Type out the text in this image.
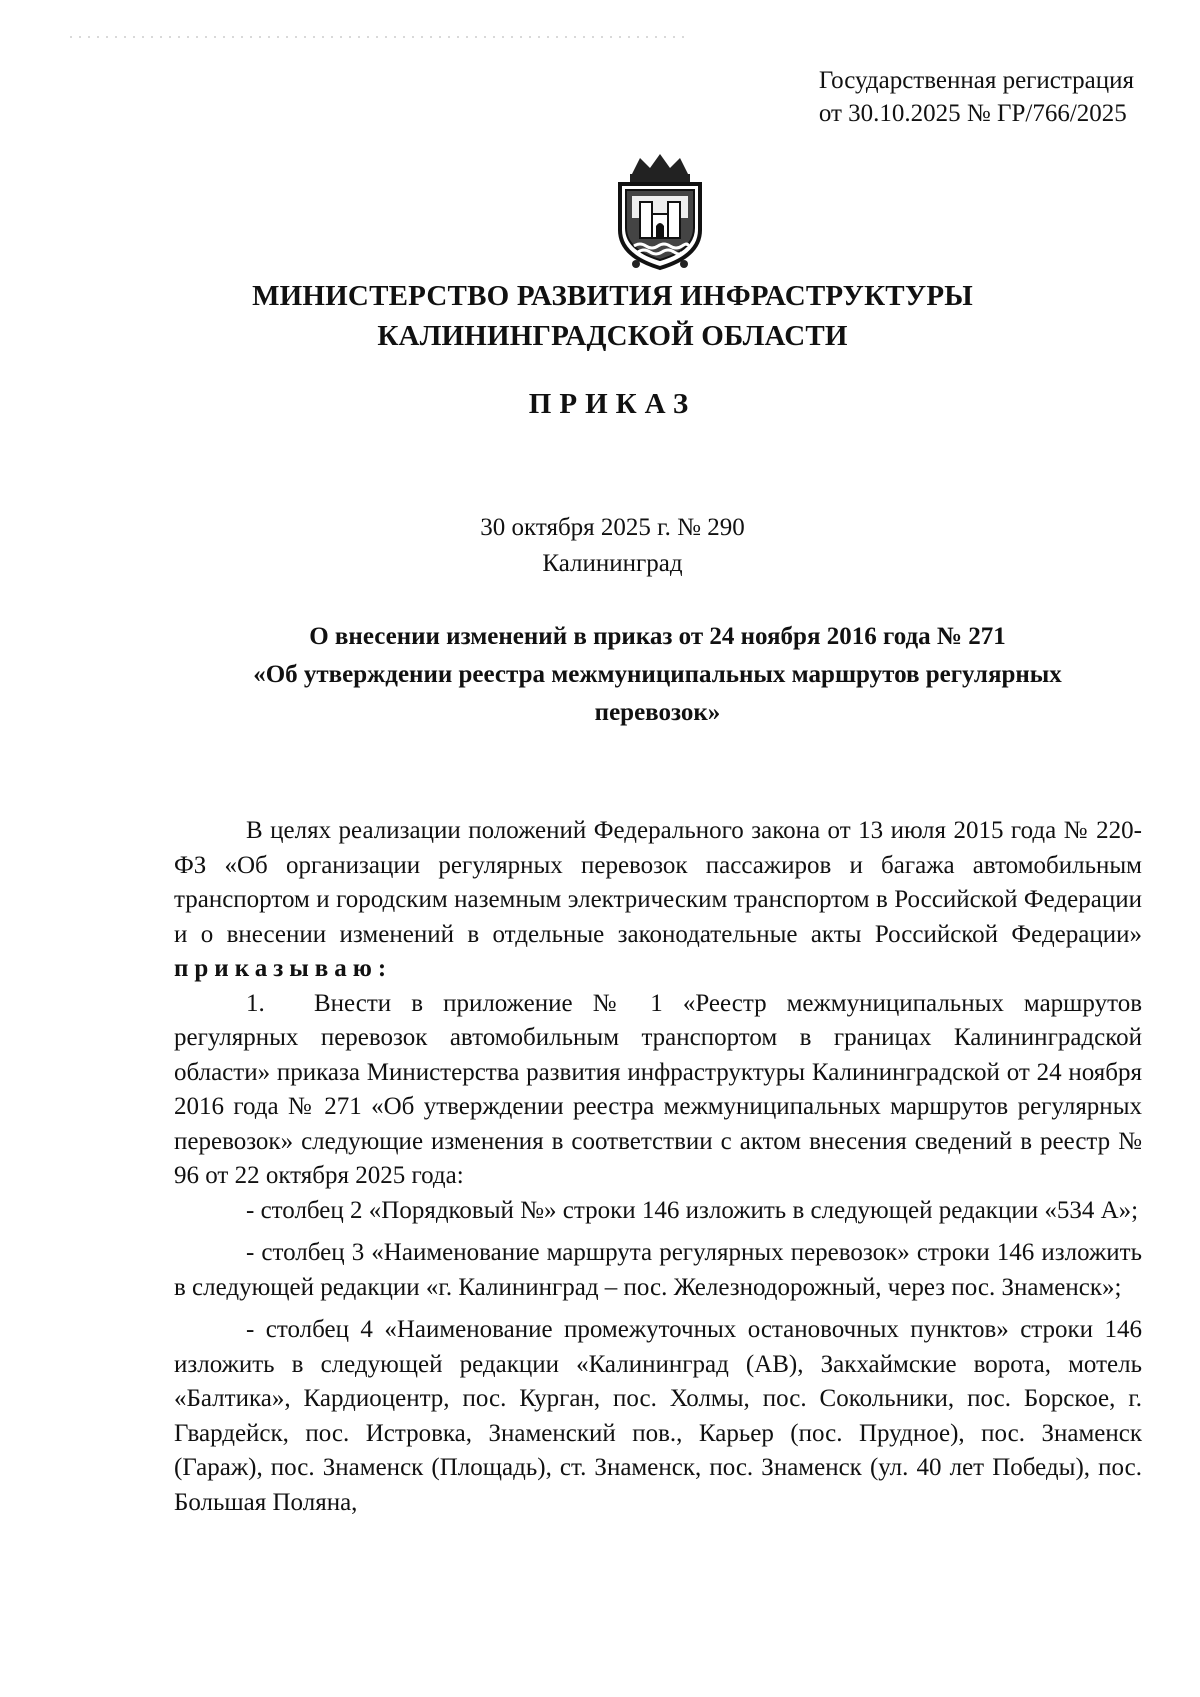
Государственная регистрация
от 30.10.2025 № ГР/766/2025
МИНИСТЕРСТВО РАЗВИТИЯ ИНФРАСТРУКТУРЫ
КАЛИНИНГРАДСКОЙ ОБЛАСТИ
ПРИКАЗ
30 октября 2025 г. № 290
Калининград
О внесении изменений в приказ от 24 ноября 2016 года № 271
«Об утверждении реестра межмуниципальных маршрутов регулярных
перевозок»

В целях реализации положений Федерального закона от 13 июля 2015 года № 220-ФЗ «Об организации регулярных перевозок пассажиров и багажа автомобильным транспортом и городским наземным электрическим транспортом в Российской Федерации и о внесении изменений в отдельные законодательные акты Российской Федерации» приказываю:

1. Внести в приложение № 1 «Реестр межмуниципальных маршрутов регулярных перевозок автомобильным транспортом в границах Калининградской области» приказа Министерства развития инфраструктуры Калининградской от 24 ноября 2016 года № 271 «Об утверждении реестра межмуниципальных маршрутов регулярных перевозок» следующие изменения в соответствии с актом внесения сведений в реестр № 96 от 22 октября 2025 года:

- столбец 2 «Порядковый №» строки 146 изложить в следующей редакции «534 А»;

- столбец 3 «Наименование маршрута регулярных перевозок» строки 146 изложить в следующей редакции «г. Калининград – пос. Железнодорожный, через пос. Знаменск»;

- столбец 4 «Наименование промежуточных остановочных пунктов» строки 146 изложить в следующей редакции «Калининград (АВ), Закхаймские ворота, мотель «Балтика», Кардиоцентр, пос. Курган, пос. Холмы, пос. Сокольники, пос. Борское, г. Гвардейск, пос. Истровка, Знаменский пов., Карьер (пос. Прудное), пос. Знаменск (Гараж), пос. Знаменск (Площадь), ст. Знаменск, пос. Знаменск (ул. 40 лет Победы), пос. Большая Поляна,
